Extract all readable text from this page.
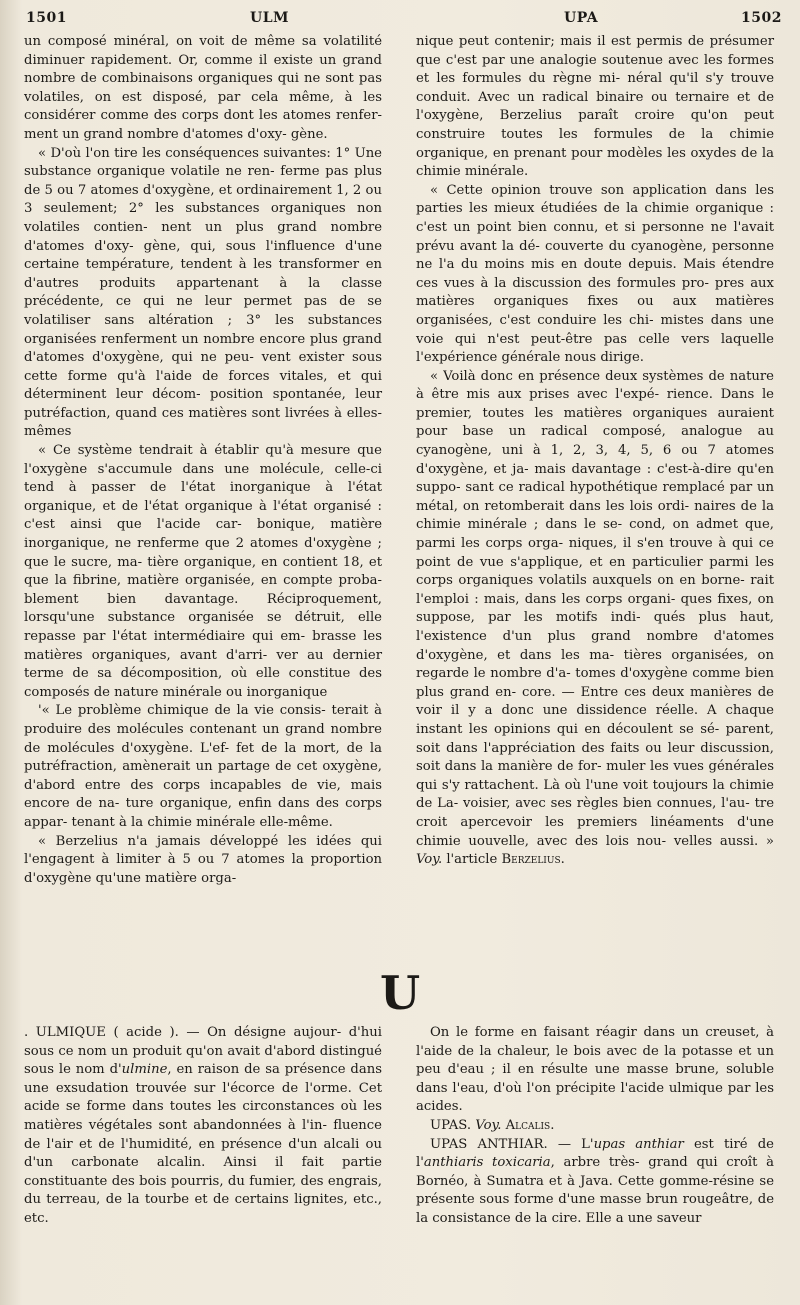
1501	ULM	UPA	1502

un composé minéral, on voit de même sa volatilité diminuer rapidement. Or, comme il existe un grand nombre de combinaisons organiques qui ne sont pas volatiles, on est disposé, par cela même, à les considérer comme des corps dont les atomes renfer- ment un grand nombre d'atomes d'oxy- gène.

« D'où l'on tire les conséquences suivantes: 1° Une substance organique volatile ne ren- ferme pas plus de 5 ou 7 atomes d'oxygène, et ordinairement 1, 2 ou 3 seulement; 2° les substances organiques non volatiles contien- nent un plus grand nombre d'atomes d'oxy- gène, qui, sous l'influence d'une certaine température, tendent à les transformer en d'autres produits appartenant à la classe précédente, ce qui ne leur permet pas de se volatiliser sans altération ; 3° les substances organisées renferment un nombre encore plus grand d'atomes d'oxygène, qui ne peu- vent exister sous cette forme qu'à l'aide de forces vitales, et qui déterminent leur décom- position spontanée, leur putréfaction, quand ces matières sont livrées à elles-mêmes

« Ce système tendrait à établir qu'à mesure que l'oxygène s'accumule dans une molécule, celle-ci tend à passer de l'état inorganique à l'état organique, et de l'état organique à l'état organisé : c'est ainsi que l'acide car- bonique, matière inorganique, ne renferme que 2 atomes d'oxygène ; que le sucre, ma- tière organique, en contient 18, et que la fibrine, matière organisée, en compte proba- blement bien davantage. Réciproquement, lorsqu'une substance organisée se détruit, elle repasse par l'état intermédiaire qui em- brasse les matières organiques, avant d'arri- ver au dernier terme de sa décomposition, où elle constitue des composés de nature minérale ou inorganique

'« Le problème chimique de la vie consis- terait à produire des molécules contenant un grand nombre de molécules d'oxygène. L'ef- fet de la mort, de la putréfraction, amènerait un partage de cet oxygène, d'abord entre des corps incapables de vie, mais encore de na- ture organique, enfin dans des corps appar- tenant à la chimie minérale elle-même.

« Berzelius n'a jamais développé les idées qui l'engagent à limiter à 5 ou 7 atomes la proportion d'oxygène qu'une matière orga-

nique peut contenir; mais il est permis de présumer que c'est par une analogie soutenue avec les formes et les formules du règne mi- néral qu'il s'y trouve conduit. Avec un radical binaire ou ternaire et de l'oxygène, Berzelius paraît croire qu'on peut construire toutes les formules de la chimie organique, en prenant pour modèles les oxydes de la chimie minérale.

« Cette opinion trouve son application dans les parties les mieux étudiées de la chimie organique : c'est un point bien connu, et si personne ne l'avait prévu avant la dé- couverte du cyanogène, personne ne l'a du moins mis en doute depuis. Mais étendre ces vues à la discussion des formules pro- pres aux matières organiques fixes ou aux matières organisées, c'est conduire les chi- mistes dans une voie qui n'est peut-être pas celle vers laquelle l'expérience générale nous dirige.

« Voilà donc en présence deux systèmes de nature à être mis aux prises avec l'expé- rience. Dans le premier, toutes les matières organiques auraient pour base un radical composé, analogue au cyanogène, uni à 1, 2, 3, 4, 5, 6 ou 7 atomes d'oxygène, et ja- mais davantage : c'est-à-dire qu'en suppo- sant ce radical hypothétique remplacé par un métal, on retomberait dans les lois ordi- naires de la chimie minérale ; dans le se- cond, on admet que, parmi les corps orga- niques, il s'en trouve à qui ce point de vue s'applique, et en particulier parmi les corps organiques volatils auxquels on en borne- rait l'emploi : mais, dans les corps organi- ques fixes, on suppose, par les motifs indi- qués plus haut, l'existence d'un plus grand nombre d'atomes d'oxygène, et dans les ma- tières organisées, on regarde le nombre d'a- tomes d'oxygène comme bien plus grand en- core. — Entre ces deux manières de voir il y a donc une dissidence réelle. A chaque instant les opinions qui en découlent se sé- parent, soit dans l'appréciation des faits ou leur discussion, soit dans la manière de for- muler les vues générales qui s'y rattachent. Là où l'une voit toujours la chimie de La- voisier, avec ses règles bien connues, l'au- tre croit apercevoir les premiers linéaments d'une chimie uouvelle, avec des lois nou- velles aussi. » Voy. l'article Berzelius.

U

. ULMIQUE ( acide ). — On désigne aujour- d'hui sous ce nom un produit qu'on avait d'abord distingué sous le nom d'ulmine, en raison de sa présence dans une exsudation trouvée sur l'écorce de l'orme. Cet acide se forme dans toutes les circonstances où les matières végétales sont abandonnées à l'in- fluence de l'air et de l'humidité, en présence d'un alcali ou d'un carbonate alcalin. Ainsi il fait partie constituante des bois pourris, du fumier, des engrais, du terreau, de la tourbe et de certains lignites, etc., etc.

On le forme en faisant réagir dans un creuset, à l'aide de la chaleur, le bois avec de la potasse et un peu d'eau ; il en résulte une masse brune, soluble dans l'eau, d'où l'on précipite l'acide ulmique par les acides.

UPAS. Voy. Alcalis.

UPAS ANTHIAR. — L'upas anthiar est tiré de l'anthiaris toxicaria, arbre très- grand qui croît à Bornéo, à Sumatra et à Java. Cette gomme-résine se présente sous forme d'une masse brun rougeâtre, de la consistance de la cire. Elle a une saveur
